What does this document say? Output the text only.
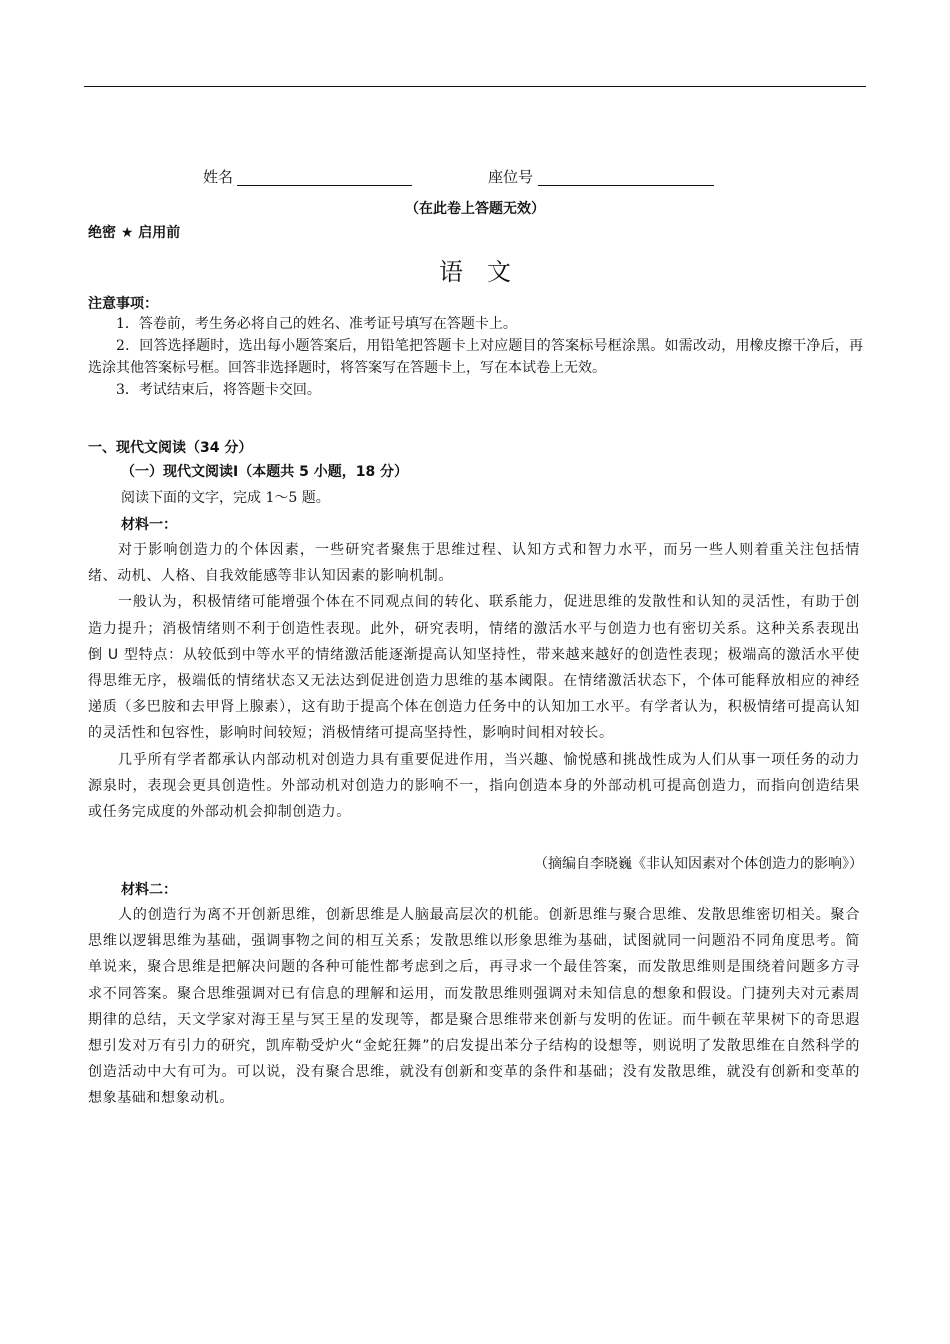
姓名	座位号
（在此卷上答题无效）
绝密 ★ 启用前
语文
注意事项：

1．答卷前，考生务必将自己的姓名、准考证号填写在答题卡上。

2．回答选择题时，选出每小题答案后，用铅笔把答题卡上对应题目的答案标号框涂黑。如需改动，用橡皮擦干净后，再选涂其他答案标号框。回答非选择题时，将答案写在答题卡上，写在本试卷上无效。

3．考试结束后，将答题卡交回。

一、现代文阅读（34 分）
（一）现代文阅读Ⅰ（本题共 5 小题，18 分）
阅读下面的文字，完成 1～5 题。
材料一：

对于影响创造力的个体因素，一些研究者聚焦于思维过程、认知方式和智力水平，而另一些人则着重关注包括情绪、动机、人格、自我效能感等非认知因素的影响机制。

一般认为，积极情绪可能增强个体在不同观点间的转化、联系能力，促进思维的发散性和认知的灵活性，有助于创造力提升；消极情绪则不利于创造性表现。此外，研究表明，情绪的激活水平与创造力也有密切关系。这种关系表现出倒 U 型特点：从较低到中等水平的情绪激活能逐渐提高认知坚持性，带来越来越好的创造性表现；极端高的激活水平使得思维无序，极端低的情绪状态又无法达到促进创造力思维的基本阈限。在情绪激活状态下，个体可能释放相应的神经递质（多巴胺和去甲肾上腺素），这有助于提高个体在创造力任务中的认知加工水平。有学者认为，积极情绪可提高认知的灵活性和包容性，影响时间较短；消极情绪可提高坚持性，影响时间相对较长。

几乎所有学者都承认内部动机对创造力具有重要促进作用，当兴趣、愉悦感和挑战性成为人们从事一项任务的动力源泉时，表现会更具创造性。外部动机对创造力的影响不一，指向创造本身的外部动机可提高创造力，而指向创造结果或任务完成度的外部动机会抑制创造力。

（摘编自李晓巍《非认知因素对个体创造力的影响》）
材料二：

人的创造行为离不开创新思维，创新思维是人脑最高层次的机能。创新思维与聚合思维、发散思维密切相关。聚合思维以逻辑思维为基础，强调事物之间的相互关系；发散思维以形象思维为基础，试图就同一问题沿不同角度思考。简单说来，聚合思维是把解决问题的各种可能性都考虑到之后，再寻求一个最佳答案，而发散思维则是围绕着问题多方寻求不同答案。聚合思维强调对已有信息的理解和运用，而发散思维则强调对未知信息的想象和假设。门捷列夫对元素周期律的总结，天文学家对海王星与冥王星的发现等，都是聚合思维带来创新与发明的佐证。而牛顿在苹果树下的奇思遐想引发对万有引力的研究，凯库勒受炉火“金蛇狂舞”的启发提出苯分子结构的设想等，则说明了发散思维在自然科学的创造活动中大有可为。可以说，没有聚合思维，就没有创新和变革的条件和基础；没有发散思维，就没有创新和变革的想象基础和想象动机。
